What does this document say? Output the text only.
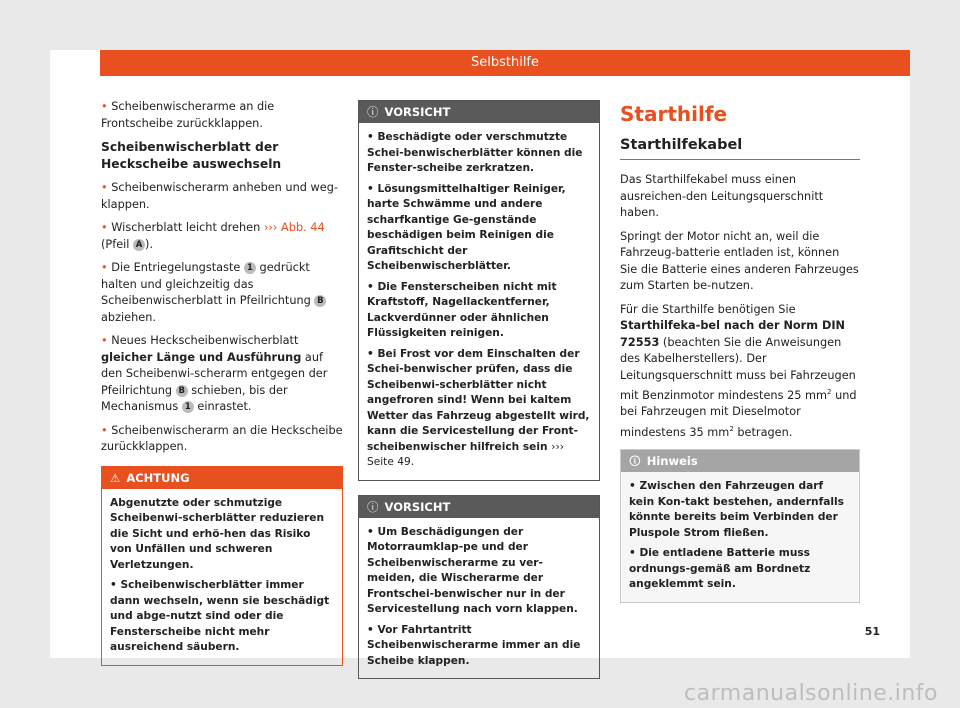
Selbsthilfe

• Scheibenwischerarme an die Frontscheibe zurückklappen.

Scheibenwischerblatt der Heckscheibe auswechseln

• Scheibenwischerarm anheben und weg-klappen.

• Wischerblatt leicht drehen ››› Abb. 44 (Pfeil A ).

• Die Entriegelungstaste 1 gedrückt halten und gleichzeitig das Scheibenwischerblatt in Pfeilrichtung B abziehen.

• Neues Heckscheibenwischerblatt gleicher Länge und Ausführung auf den Scheibenwi-scherarm entgegen der Pfeilrichtung B schieben, bis der Mechanismus 1 einrastet.

• Scheibenwischerarm an die Heckscheibe zurückklappen.

⚠ ACHTUNG

Abgenutzte oder schmutzige Scheibenwi-scherblätter reduzieren die Sicht und erhö-hen das Risiko von Unfällen und schweren Verletzungen.

• Scheibenwischerblätter immer dann wechseln, wenn sie beschädigt und abge-nutzt sind oder die Fensterscheibe nicht mehr ausreichend säubern.

ⓘ VORSICHT

• Beschädigte oder verschmutzte Schei-benwischerblätter können die Fenster-scheibe zerkratzen.

• Lösungsmittelhaltiger Reiniger, harte Schwämme und andere scharfkantige Ge-genstände beschädigen beim Reinigen die Grafitschicht der Scheibenwischerblätter.

• Die Fensterscheiben nicht mit Kraftstoff, Nagellackentferner, Lackverdünner oder ähnlichen Flüssigkeiten reinigen.

• Bei Frost vor dem Einschalten der Schei-benwischer prüfen, dass die Scheibenwi-scherblätter nicht angefroren sind! Wenn bei kaltem Wetter das Fahrzeug abgestellt wird, kann die Servicestellung der Front-scheibenwischer hilfreich sein ››› Seite 49.

ⓘ VORSICHT

• Um Beschädigungen der Motorraumklap-pe und der Scheibenwischerarme zu ver-meiden, die Wischerarme der Frontschei-benwischer nur in der Servicestellung nach vorn klappen.

• Vor Fahrtantritt Scheibenwischerarme immer an die Scheibe klappen.

Starthilfe
Starthilfekabel

Das Starthilfekabel muss einen ausreichen-den Leitungsquerschnitt haben.

Springt der Motor nicht an, weil die Fahrzeug-batterie entladen ist, können Sie die Batterie eines anderen Fahrzeuges zum Starten be-nutzen.

Für die Starthilfe benötigen Sie Starthilfeka-bel nach der Norm DIN 72553 (beachten Sie die Anweisungen des Kabelherstellers). Der Leitungsquerschnitt muss bei Fahrzeugen mit Benzinmotor mindestens 25 $mm^2$ und bei Fahrzeugen mit Dieselmotor mindestens 35 $mm^2$ betragen.

🛈 Hinweis

• Zwischen den Fahrzeugen darf kein Kon-takt bestehen, andernfalls könnte bereits beim Verbinden der Pluspole Strom fließen.

• Die entladene Batterie muss ordnungs-gemäß am Bordnetz angeklemmt sein.

51
carmanualsonline.info
